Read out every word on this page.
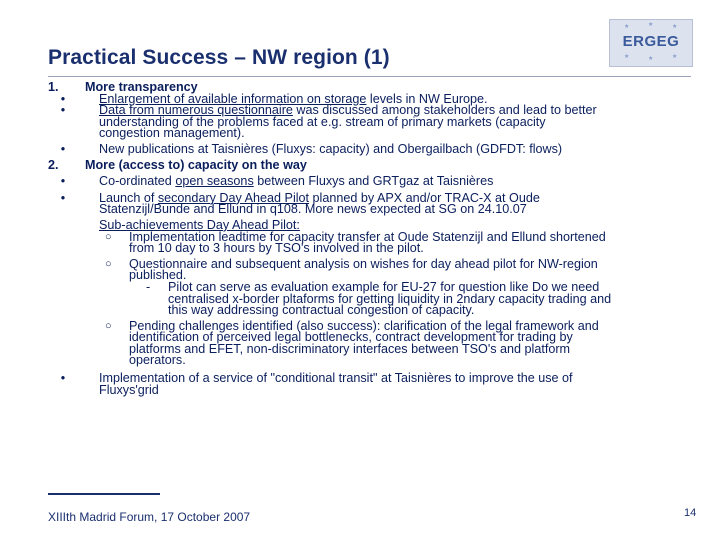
Practical Success – NW region (1)
★	★	★
★	★	★
ERGEG
1. More transparency
•	Enlargement of available information on storage levels in NW Europe.
•	Data from numerous questionnaire was discussed among stakeholders and lead to better
understanding of the problems faced at e.g. stream of primary markets (capacity
congestion management).
•	New publications at Taisnières (Fluxys: capacity) and Obergailbach (GDFDT: flows)
2. More (access to) capacity on the way
•	Co-ordinated open seasons between Fluxys and GRTgaz at Taisnières
•	Launch of secondary Day Ahead Pilot planned by APX and/or TRAC-X at Oude
Statenzijl/Bunde and Ellund in q108. More news expected at SG on 24.10.07
Sub-achievements Day Ahead Pilot:
○ Implementation leadtime for capacity transfer at Oude Statenzijl and Ellund shortened
from 10 day to 3 hours by TSO's involved in the pilot.
○ Questionnaire and subsequent analysis on wishes for day ahead pilot for NW-region
published.
- Pilot can serve as evaluation example for EU-27 for question like Do we need
centralised x-border pltaforms for getting liquidity in 2ndary capacity trading and
this way addressing contractual congestion of capacity.
○ Pending challenges identified (also success): clarification of the legal framework and
identification of perceived legal bottlenecks, contract development for trading by
platforms and EFET, non-discriminatory interfaces between TSO's and platform
operators.
•	Implementation of a service of "conditional transit" at Taisnières to improve the use of
Fluxys'grid
XIIIth Madrid Forum, 17 October 2007	14
